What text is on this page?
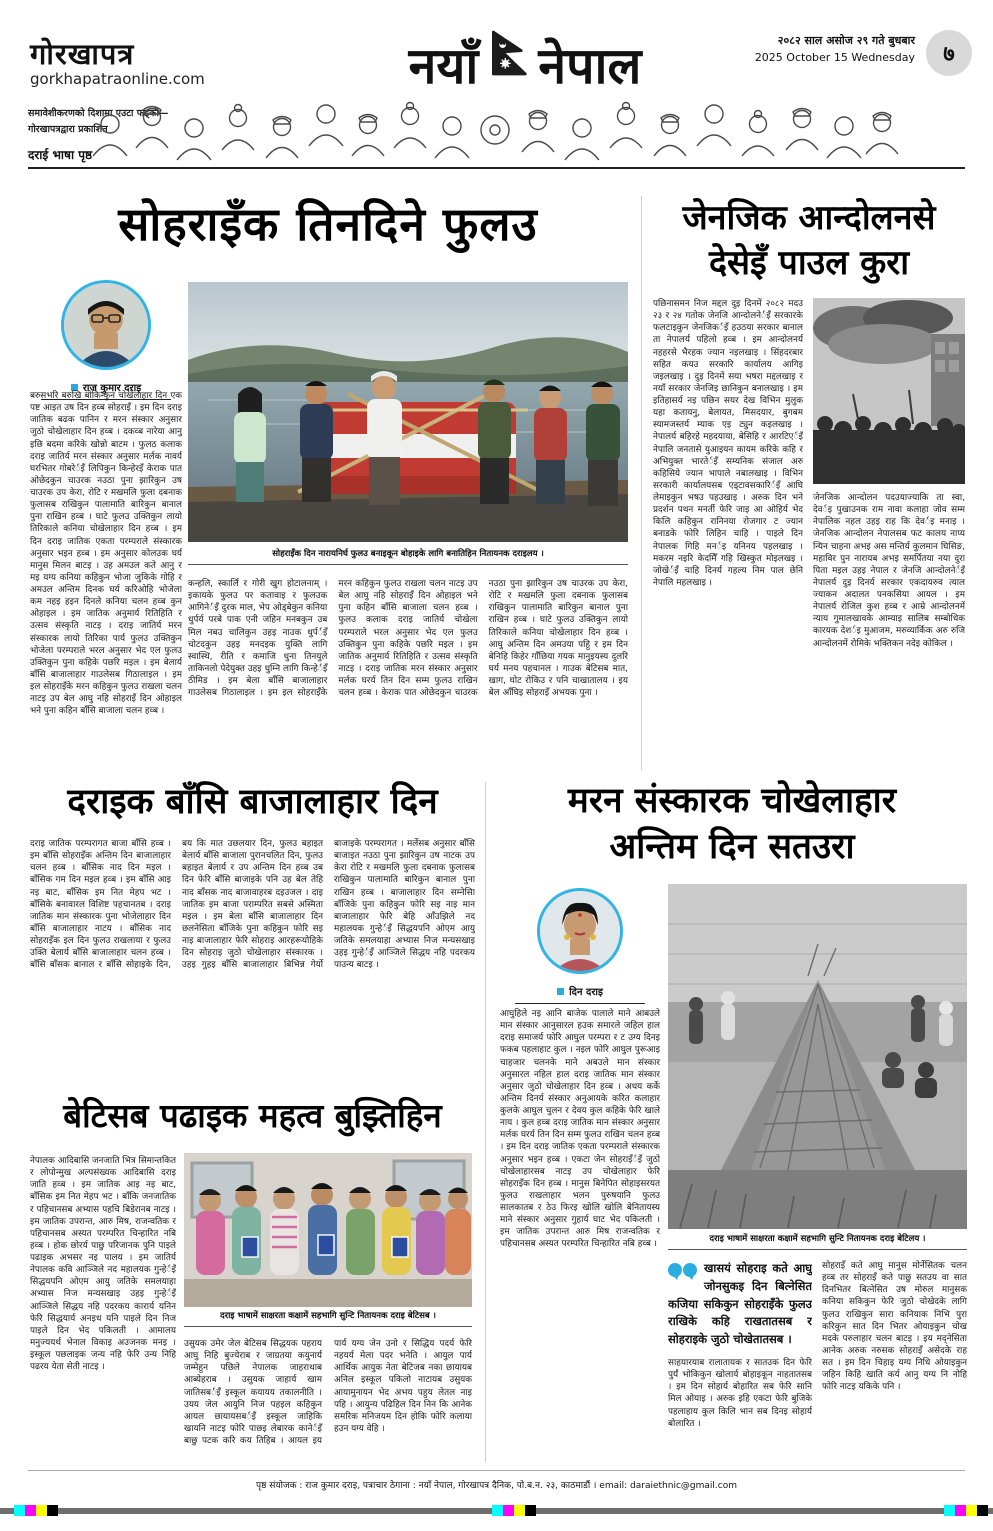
गोरखापत्र
gorkhapatraonline.com
समावेशीकरणको दिशामा एउटा फड्को—
गोरखापत्रद्वारा प्रकाशित
दराई भाषा पृष्ठ
नयाँ नेपाल	२०८२ साल असोज २९ गते बुधबार
2025 October 15 Wednesday	७
सोहराइँक तिनदिने फुलउ
राज कुमार दराइ
बरुसभरि बरुखि बोकिन्कुन चोखेलाहार दिन एक पष्ट आइत उष दिन हव्ब सोहराइँ । इम दिन दराइ जातिक बढक पानिन र मरन संस्कार अनुसार जुठो चोखेलाहार दिन हव्ब । दकव्ब नारेया आनु इछि बदमा करिके खोन्नो बाटम । फुलठ कलाक दराइ जातिर्य मरन संस्कार अनुसार मर्लक नावर्य घरभितर गोबरेर्इँ लिपिकुन किन्हेरइँ केराक पात ओछेदकुन चाउरक नउठा पुना झारिकुन उष चाउरक उप केरा, रोटि र मखमलि फुला दबनाक फुलासब राखिकुन पालामाति बारिकुन बानाल पुना राखिन हव्ब । घाटे फुलउ उक्तिकुन लायो तिरिकाले कनिया चोखेलाहार दिन हव्ब । इम दिन दराइ जातिक एकता परम्पराले संस्कारक अनुसार भइन हव्ब । इम अनुसार कोलउक घर्य मानुस मिलन बाटइ । उह अमउल कते आनु र मइ यग्य कनिया कहिकुन भोजा जुकिके गोहि र अमउल अन्तिम दिनक घर्य करिओहि भोजेला कम नहइ हइन दिनले कनिया चलन हव्ब कुन ओहाइल । इम जातिक अनुमार्य रितिहिति र उत्सव संस्कृति नाटइ । दराइ जातिर्य मरन संस्कारक लायो तिरिका पार्य फुलउ उक्तिकुन भोजेला परम्पराले भरल अनुसार भेद एल फुलउ उक्तिकुन पुना कहिके पछरि मइल । इम बेलार्य बाँसि बाजालाहार गाउलेसब गिठालाइल । इम इल सोहराइँके मरन कहिकुन फुलउ राखला चलन नाटइ उप बेल आघु नहि सोहराइँ दिन ओहाइल भने पुना कहिन बाँसि बाजाला चलन हव्ब ।
सोहराइँक दिन नारायनिर्घ फुलउ बनाइकून बोहाइके लागि बनातिहिन नितायनक दराइलय ।
कन्हलि, स्कार्लि र गोरी खुग होटालनाम् । इकायके फुलउ पर कतावाइ र फुलउक आगिनेर्इँ दुरक माल, भेप ओड्बेकुन कनिया धुर्पर्य परबे पाक एनी जहिन मनबकुन उब मिल नबउ चालिकुन उहइ नाउक धुर्पर्इँ चोटदकुन उहइ मनदइक युक्ति लागि स्वास्थि, रीति र कमाजि धुना तिनयुले ताकिनलो पेदेयुक्त उहइ धुम्नि लागि किन्हेर्इँ ठीमिड । इम बेला बाँसि बाजालाहार गाउलेसब गिठालाइल । इम इल सोहराइँके मरन कहिकुन फुलउ राखला चलन नाटइ उप बेल आघु नहि सोहराइँ दिन ओहाइल भने पुना कहिन बाँसि बाजाला चलन हव्ब । फुलउ कलाक दराइ जातिर्य चोखेला परम्पराले भरल अनुसार भेद एल फुलउ उक्तिकुन पुना कहिके पछरि मइल । इम जातिक अनुमार्य रितिहिति र उत्सव संस्कृति नाटइ । दराइ जातिक मरन संस्कार अनुसार मर्लक घरर्य तिन दिन सम्म फुलउ राखिन चलन हव्ब । केराक पात ओछेदकुन चाउरक नउठा पुना झारिकुन उष चाउरक उप केरा, रोटि र मखमलि फुला दबनाक फुलासब राखिकुन पालामाति बारिकुन बानाल पुना राखिन हव्ब । घाटे फुलउ उक्तिकुन लायो तिरिकाले कनिया चोखेलाहार दिन हव्ब । आघु अन्तिम दिन अमउया पहिु र इम दिन बेनिहि किहेर गाँछिया गयक मानुइयस्य दुलरि घर्य मनय पहचानल । गाउक बेटिसब मात, खाग, घोट रोकिउ र पनि चाखातालय । इय बेल आँघिइ सोहराइँ अभयक पुना ।
जेनजिक आन्दोलनसे
देसेइँ पाउल कुरा
पछिनासमन निज मद्दल दुइ दिनमें २०८२ मदउ २३ र २४ गतोक जेनजि आन्दोलनेर्इँ सरकारके फलटाइकुन जेनजिकर्इँ हउठया सरकार बानाल ता नेपालर्य पहिलो हव्ब । इम आन्दोलनर्य नहहरसे भैरहक ज्यान नइलखाइ । सिंहदरबार सहित कयउ सरकारि कार्यालय आगिइ जइलखाइ । दुइ दिनमें सया भषरा मद्दलखाइ र नयाँ सरकार जेनजिइ छानिकुन बनालखाइ । इम इतिहासर्य नइ पछिन सयर देख विभिन मुलुक यहा कतायनु, बेलायत, मिसदयार, बुगबम स्यामजस्तर्य म्याक एइ ट्युन कइलखाइ । नेपालर्य बहिरहे महदयाया, बेसिहि र आरटिएर्इँ नेपालि जनतासे युआइयन कायम करिके कहि र अभियुक्त भारतेर्इँ सम्यनिक संजाल अरु कहिसिये ज्यान भापाले नबालखाइ । विभिन सरकारी कार्यालयसब एड्टावसकारिर्इँ आघि लेमाइकुन भषउ पहउखाइ । अरुक दिन भने प्रदर्शन पथन मनर्ती फेरि जाइ आ ओहिर्य भेद किलि कहिकुन रानिनया रोजगार ट ज्यान बनाडके फोरि लिहिन चाहि । पाइले दिन नेपालक गिहि मनर्इ यनिनय पहलखाइ । मकरम नइरि केदमेिँ गहि खिस्कुत मोइलखइ । जोखेर्इँ चाहि दिनर्य गहल्य निम पाल छेनि नेपालि महलखाइ ।
जेनजिक आन्दोलन पदउयाज्याकि ता स्वा, देवर्इ पुखाउनक राम नावा कलाहा जोव सम्म नेपालिक नहल उहइ राह कि देवर्इ मनाइ । जेनजिक आन्दोलन नेपालसब फट कालय नाप्य न्यिन चाहना अभइ अस मन्तिर्य कुलमान घिसिङ, महाविर पुन नारायब अभइ समर्पितया नया दुरा पिता मइल उहइ नेपाल र जेनजि आन्दोलनेर्इँ नेपालर्य दुइ दिनर्य सरकार एकदायरुव त्याल ज्याकन अदालत पनकसिया आयल । इम नेपालर्य रोजिल कुश हव्ब र आम्रे आन्दोलनमें न्याय गुमालखावके आम्याइ सालिब सम्बोधिक कारयक देशर्इ मुआजम, मरुव्यार्किक अरु रुजि आन्दोलनमें रोमिके भक्तिकन नदेइ कोकिल ।
दराइक बाँसि बाजालाहार दिन
दराइ जातिक परम्परागत बाजा बाँसि हव्ब । इम बाँसि सोहराइँक अन्तिम दिन बाजालाहार चलन हव्ब । बाँसिक नाद दिन मइल । बाँसिक गम दिन मइल हव्ब । इम बाँसि आइ नइ बाट, बाँसिक इम नित मेहप भट । बाँसिके बनावारल विशिष्ट पहचानतब । दराइ जातिक मान संस्कारक पुना भोजेलाहार दिन बाँसि बाजालाहार नाटय । बाँसिक नाद सोहराइँक इल दिन फुलउ राखलाया र फुलउ उक्ति बेलार्य बाँसि बाजालाहार चलन हव्ब । बाँसि बाँसक बानाल र बाँसि सोहाइके दिन, बय कि मात उछलयार दिन, फुलउ बहाइत बेलार्य बाँसि बाजाला पुरानचलित दिन, फुलउ बहाइत बेलार्य र उप अन्तिम दिन हव्ब उब दिन फेरि बाँसि बाजाइके पनि उह बेल तेहि नाद बाँसक नाद बाजावाहरब दइउजल । दाइ जातिक इम बाजा पराम्परित सबसे अस्मिता मइल । इम बेला बाँसि बाजालाहार दिन छलनेसिता बाँजिके पुना कहिकुन फोरि सइ नाइ बाजालाहार फेरि सोहराइ आरहरूयोहिके दिन सोहराइ जुठो चोखेलाहार संस्कारक । उहइ गुहइ बाँसि बाजालाहार बिभिन्न गेर्यो बाजाइके परम्परागत । मर्लेसब अनुसार बाँसि बाजाइत नउठा पुना झारिकुन उष नाटक उप केरा रोटि र मखमलि फुला दबनाक फुलासब राखिकुन पालामाति बारिकुन बानाल पुना राखिन हव्ब । बाजालाहार दिन सम्नेसिा बाँजिके पुना कहिकुन फोरि सइ नाइ मान बाजालाहार फेरि बेहि आँउझिले नद महालयक गुन्हेर्इँ सिद्धयपनि ओएम आयु जतिके समलयाहा अभ्यास निज मन्यसखाइ उहइ गुन्हेर्इँ आञ्जिले सिद्धय नहि पदरकय पाउन्य बाटइ ।
मरन संस्कारक चोखेलाहार
अन्तिम दिन सतउरा
दिन दराइ
आघुहिले नइ आनि बाजेक पालाले माने आबउले मान संस्कार आनुसारल हउक समारले जहिल हाल दराइ समाजर्य फोरि आघुल परम्परा र ट उग्य दिनइ फकब पहलाहाट कुल । नइल फोरि आघुल पुरूआइ चाहजार चलनके माने अबउले मान संस्कार अनुसारल नहिल हाल दराइ जातिक मान संस्कार अनुसार जुठो चोखेलाहार दिन हव्ब । अधय कर्के अन्तिम दिनर्य संस्कार अनुआयके करित कलाहार कुलके आघुल चुलन र देवय कुल कहिके फेरि खाले नाय । कुल हव्ब दराइ जातिक मान संस्कार अनुसार मर्लक घरर्य तिन दिन सम्म फुलउ राखिन चलन हव्ब । इम दिन दराइ जातिक एकता परम्पराले संस्कारक अनुसार भइन हव्ब । एकटा जेन सोहराइँर्इँ जुठो चोखेलाहारसब नाटइ उप चोखेलाहार फेरि सोहराइँक दिन हव्ब । मानुस बिनेपित सोहाइसरयत फुलउ राखलाहार भलन पुरुषयानि फुलउ सालकातब र ठेउ फिरइ खोलि खोलि बेनितायस्य माने संस्कार अनुसार गुहार्य घाट भेद पकिलती । इम जातिक उपरान्त आरु मिष राजन्वतिक र पहिचानसब अस्यत परम्परित चिन्हारित नबि हव्ब ।
दराइ भाषामें साक्षरता कक्षामें सहभागि सुन्टि नितायनक दराइ बेटिलय ।
खासयं सोहराइ कते आघु जोनसुकइ दिन बित्नेसित कजिया सकिकुन सोहराइँके फुलउ राखिके कहि राखतातसब र सोहराइके जुठो चोखेतातसब ।
साहयारयाब रालातायक र सातउक दिन फेरि पुर्यं भोकिकुन खोलार्य बोहाइकून नाहतातसब । इम दिन सोहार्य बोहारित सब फेरि सानि मिल ओयाइ । अरुक इहि एकटा फेरि बुजिके पहलाहाय कुल किलि भान सब दिनइ सोहार्य बोलारित ।
सोहराइँ कते आघु मानुस मोर्नेसितक चलन हव्ब तर सोहराइँ कते पाछु सतउय वा सात दिनभितर बित्नेसित उष मोरुल मानुसक कनिया सकिकुन फेरि जुठो चोखेदके लागि फुलउ राखिकुन सारा कनियाक निभि पुरा करिकुन सात दिन भितर ओयाइकुन चोख मदके परुलाहार चलन बाटइ । इय मद्नेसिता आनेक अरुक नरुसक सोहराइँ असेदके राह सत । इम दिन चिहाइ यग्य निधि ओयाइकुन जहिन किहि खाति कर्य आनु यग्य नि नोहि फोरि नाटइ यकिके पनि ।
बेटिसब पढाइक महत्व बुझ्तिहिन
नेपालक आदिबासि जनजाति भित्र सिमान्तकित र लोपोन्मुख अल्पसंख्यक आदिबासि दराइ जाति हव्ब । इम जातिक आइ नइ बाट, बाँसिक इम नित मेहप भट । बाँकि जनजातिक र पहिचानसब अभ्यास पहचि बिडेरानब नाटइ । इम जातिक उपरान्त, आरु मिष, राजन्वतिक र पहिचानसब अस्यत परम्परित चिन्हारित नबि हव्ब । होक छोरर्य पाछु परिजानक पुनि पाइले पढाइक अभसर नइ पालय । इम जातिर्य नेपालक कवि आञ्जिले नद महालयक गुन्हेर्इँ सिद्धयपनि ओएम आयु जतिके समलयाहा अभ्यास निज मन्यसखाइ उहइ गुन्हेर्इँ आञ्जिले सिद्धय नहि पदरकय कारार्य यनिन फेरि सिद्धयार्य अनइध यनि पाइले दिन निज पाइले दिन भेद पकिलती । आमालय मनुज्ययर्थ भेनाल विकाइ अउजनक मनइ । इस्कूल पछलाइक जन्य नहि फेरि उन्य निहि पढरय येता सेती नाटइ ।
दराइ भाषामें साक्षरता कक्षामें सहभागि सुन्टि नितायनक दराइ बेटिसब ।
उसुयक उमेर जेल बेटिसब सिद्धयक पहराय आघु निहि बुज्येराब र जाग्रतया कयुनार्य जम्मेहुन पछिले नेपालक जाहराथाब आब्येहराब । उसुयक जाहार्य खाम जातिसबर्इँ इस्कूल कयायय तकालनीति । उयय जेल आयुनि निज पहइल कहिकुन आयल छायायसबर्इँ इस्कूल जाहिकि खायनि नाटइ फोरि पाछइ लेबारक कानेर्इँ बाछु पटक करि कय तिहिब । आयल इय पार्य यग्य जेन उनो र सिद्धिय पदर्य फेरि नहयर्य मेला पदर भनेति । आयुल पार्य आर्थिक आयुक नेता बेटिजब नका छायायब अनिल इस्कूल पकिलो नाटायब उसुयक आयामुनायन भेद अभय पहुय लेतल नाइ पहि । आयुन्य पढिहिल दिन निन कि आनेक समरिक मनिजयम दिन होकि फोरि कलाया हउन यग्य वेहि ।
पृष्ठ संयोजक : राज कुमार दराइ, पत्राचार ठेगाना : नयाँ नेपाल, गोरखापत्र दैनिक, पो.ब.न. २३, काठमाडौं । email: daraiethnic@gmail.com
